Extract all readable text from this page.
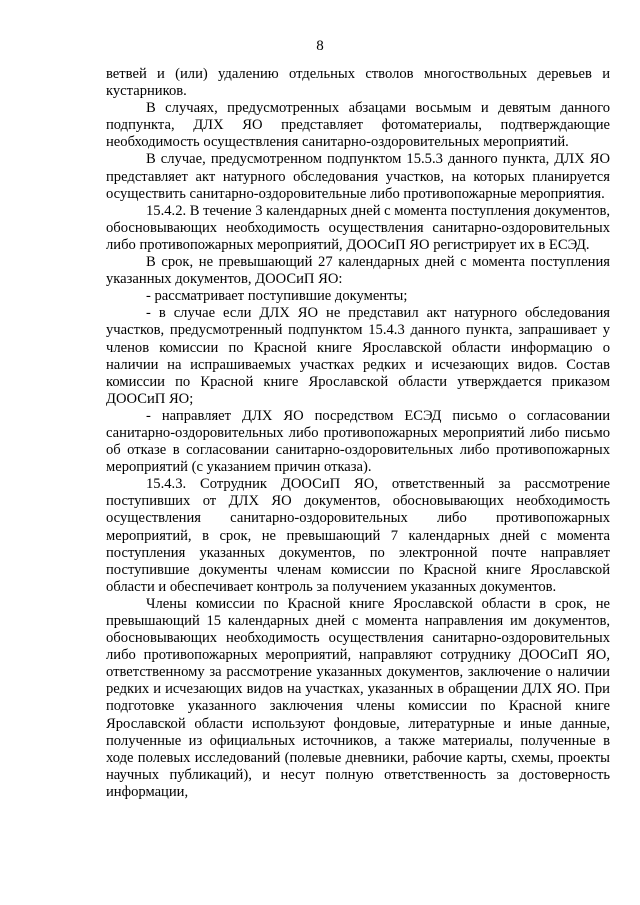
8

ветвей и (или) удалению отдельных стволов многоствольных деревьев и кустарников.

В случаях, предусмотренных абзацами восьмым и девятым данного подпункта, ДЛХ ЯО представляет фотоматериалы, подтверждающие необходимость осуществления санитарно-оздоровительных мероприятий.

В случае, предусмотренном подпунктом 15.5.3 данного пункта, ДЛХ ЯО представляет акт натурного обследования участков, на которых планируется осуществить санитарно-оздоровительные либо противопожарные мероприятия.

15.4.2. В течение 3 календарных дней с момента поступления документов, обосновывающих необходимость осуществления санитарно-оздоровительных либо противопожарных мероприятий, ДООСиП ЯО регистрирует их в ЕСЭД.

В срок, не превышающий 27 календарных дней с момента поступления указанных документов, ДООСиП ЯО:

- рассматривает поступившие документы;

- в случае если ДЛХ ЯО не представил акт натурного обследования участков, предусмотренный подпунктом 15.4.3 данного пункта, запрашивает у членов комиссии по Красной книге Ярославской области информацию о наличии на испрашиваемых участках редких и исчезающих видов. Состав комиссии по Красной книге Ярославской области утверждается приказом ДООСиП ЯО;

- направляет ДЛХ ЯО посредством ЕСЭД письмо о согласовании санитарно-оздоровительных либо противопожарных мероприятий либо письмо об отказе в согласовании санитарно-оздоровительных либо противопожарных мероприятий (с указанием причин отказа).

15.4.3. Сотрудник ДООСиП ЯО, ответственный за рассмотрение поступивших от ДЛХ ЯО документов, обосновывающих необходимость осуществления санитарно-оздоровительных либо противопожарных мероприятий, в срок, не превышающий 7 календарных дней с момента поступления указанных документов, по электронной почте направляет поступившие документы членам комиссии по Красной книге Ярославской области и обеспечивает контроль за получением указанных документов.

Члены комиссии по Красной книге Ярославской области в срок, не превышающий 15 календарных дней с момента направления им документов, обосновывающих необходимость осуществления санитарно-оздоровительных либо противопожарных мероприятий, направляют сотруднику ДООСиП ЯО, ответственному за рассмотрение указанных документов, заключение о наличии редких и исчезающих видов на участках, указанных в обращении ДЛХ ЯО. При подготовке указанного заключения члены комиссии по Красной книге Ярославской области используют фондовые, литературные и иные данные, полученные из официальных источников, а также материалы, полученные в ходе полевых исследований (полевые дневники, рабочие карты, схемы, проекты научных публикаций), и несут полную ответственность за достоверность информации,
